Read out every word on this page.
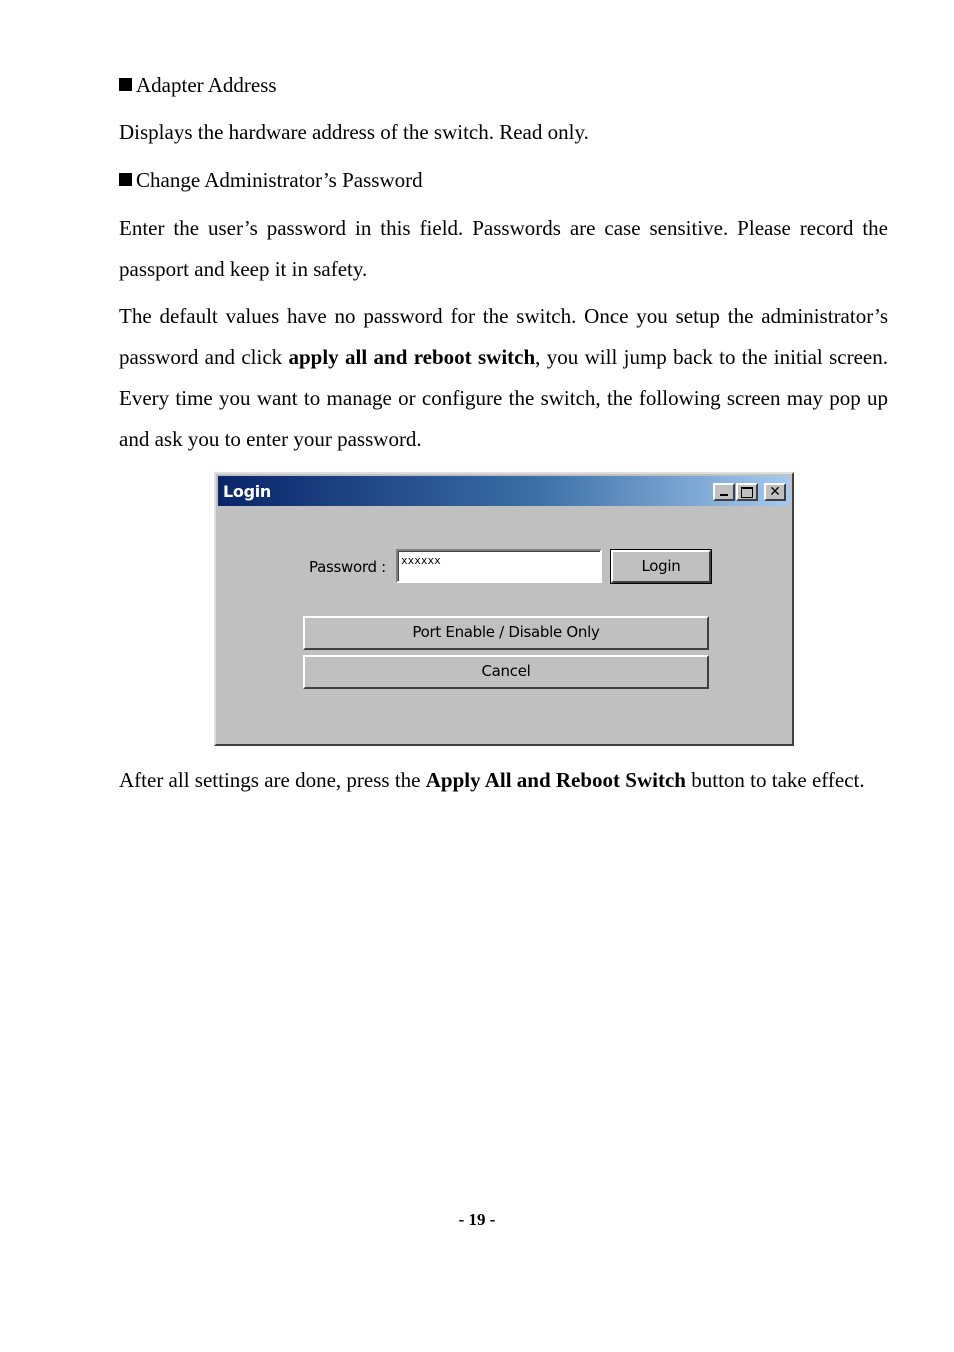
Adapter Address

Displays the hardware address of the switch. Read only.

Change Administrator’s Password

Enter the user’s password in this field. Passwords are case sensitive. Please record the passport and keep it in safety.

The default values have no password for the switch. Once you setup the administrator’s password and click apply all and reboot switch, you will jump back to the initial screen. Every time you want to manage or configure the switch, the following screen may pop up and ask you to enter your password.

Login	✕
Password :	xxxxxx	Login
Port Enable / Disable Only
Cancel

After all settings are done, press the Apply All and Reboot Switch button to take effect.

- 19 -
